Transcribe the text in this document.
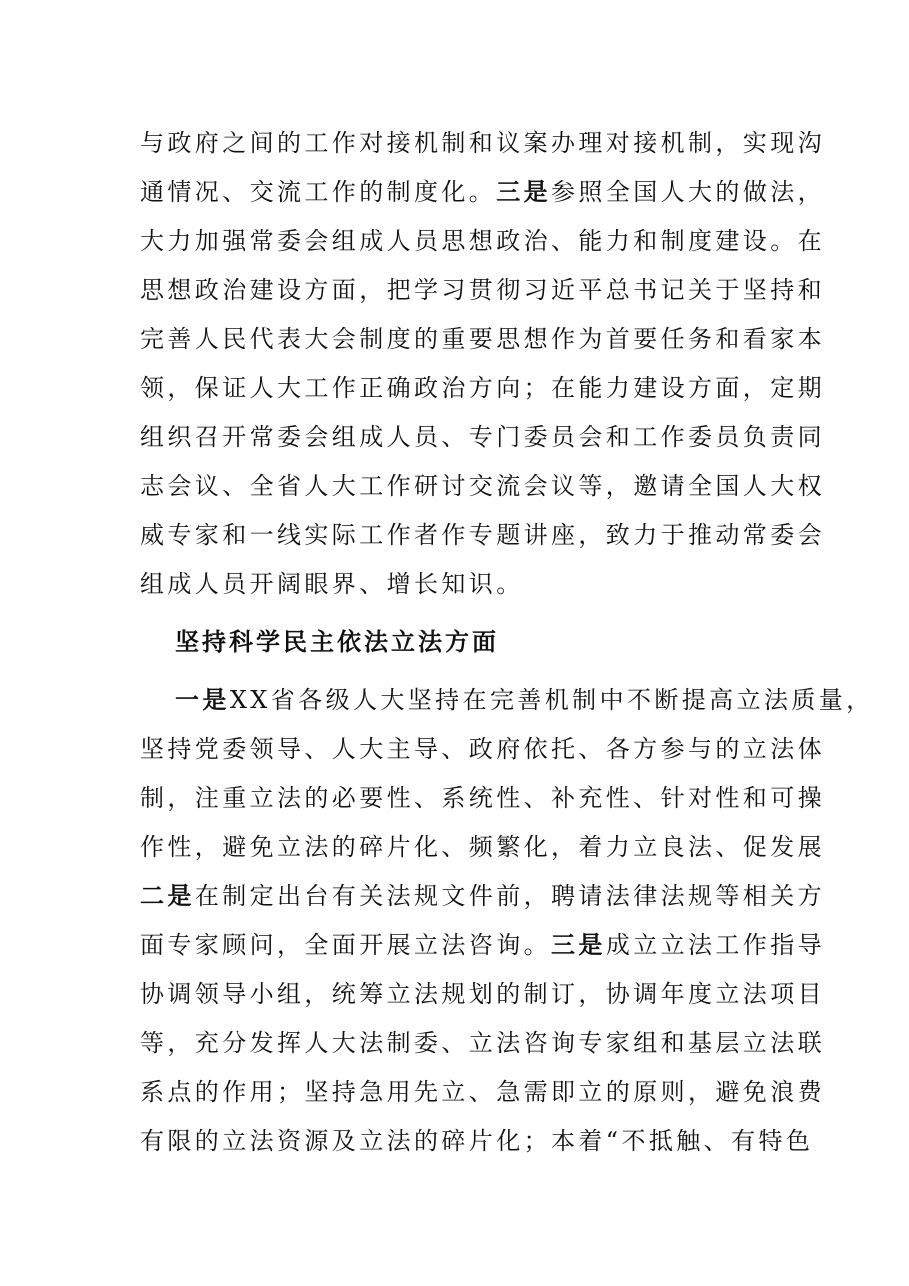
与政府之间的工作对接机制和议案办理对接机制，实现沟
通情况、交流工作的制度化。三是参照全国人大的做法，
大力加强常委会组成人员思想政治、能力和制度建设。在
思想政治建设方面，把学习贯彻习近平总书记关于坚持和
完善人民代表大会制度的重要思想作为首要任务和看家本
领，保证人大工作正确政治方向；在能力建设方面，定期
组织召开常委会组成人员、专门委员会和工作委员负责同
志会议、全省人大工作研讨交流会议等，邀请全国人大权
威专家和一线实际工作者作专题讲座，致力于推动常委会
组成人员开阔眼界、增长知识。
坚持科学民主依法立法方面
一是XX省各级人大坚持在完善机制中不断提高立法质量，
坚持党委领导、人大主导、政府依托、各方参与的立法体
制，注重立法的必要性、系统性、补充性、针对性和可操
作性，避免立法的碎片化、频繁化，着力立良法、促发展
二是在制定出台有关法规文件前，聘请法律法规等相关方
面专家顾问，全面开展立法咨询。三是成立立法工作指导
协调领导小组，统筹立法规划的制订，协调年度立法项目
等，充分发挥人大法制委、立法咨询专家组和基层立法联
系点的作用；坚持急用先立、急需即立的原则，避免浪费
有限的立法资源及立法的碎片化；本着“不抵触、有特色
